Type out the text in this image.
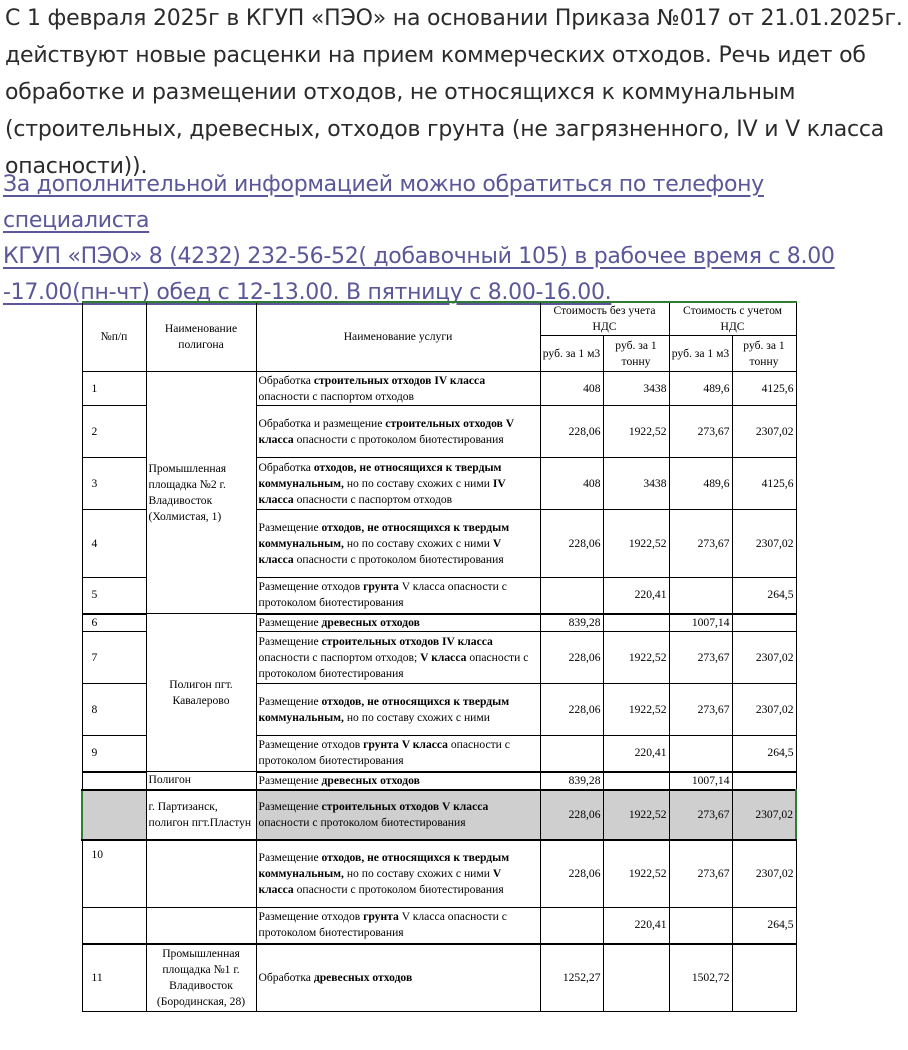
С 1 февраля 2025г в КГУП «ПЭО» на основании Приказа №017 от 21.01.2025г.
действуют новые расценки на прием коммерческих отходов. Речь идет об
обработке и размещении отходов, не относящихся к коммунальным
(строительных, древесных, отходов грунта (не загрязненного, IV и V класса
опасности)).

За дополнительной информацией можно обратиться по телефону специалиста
КГУП «ПЭО» 8 (4232) 232-56-52( добавочный 105) в рабочее время с 8.00
-17.00(пн-чт) обед с 12-13.00. В пятницу с 8.00-16.00.

№п/п	Наименование полигона	Наименование услуги	Стоимость без учета НДС		Стоимость с учетом НДС	
			руб. за 1 м3	руб. за 1 тонну	руб. за 1 м3	руб. за 1 тонну
1	Промышленная площадка №2 г. Владивосток (Холмистая, 1)	Обработка строительных отходов IV класса опасности с паспортом отходов	408	3438	489,6	4125,6
2		Обработка и размещение строительных отходов V класса опасности с протоколом биотестирования	228,06	1922,52	273,67	2307,02
3		Обработка отходов, не относящихся к твердым коммунальным, но по составу схожих с ними IV класса опасности с паспортом отходов	408	3438	489,6	4125,6
4		Размещение отходов, не относящихся к твердым коммунальным, но по составу схожих с ними V класса опасности с протоколом биотестирования	228,06	1922,52	273,67	2307,02
5		Размещение отходов грунта V класса опасности с протоколом биотестирования		220,41		264,5
6	Полигон пгт. Кавалерово	Размещение древесных отходов	839,28		1007,14	
7		Размещение строительных отходов IV класса опасности с паспортом отходов; V класса опасности с протоколом биотестирования	228,06	1922,52	273,67	2307,02
8		Размещение отходов, не относящихся к твердым коммунальным, но по составу схожих с ними	228,06	1922,52	273,67	2307,02
9		Размещение отходов грунта V класса опасности с протоколом биотестирования		220,41		264,5
	Полигон	Размещение древесных отходов	839,28		1007,14	
	г. Партизанск, полигон пгт.Пластун	Размещение строительных отходов V класса опасности с протоколом биотестирования	228,06	1922,52	273,67	2307,02
10		Размещение отходов, не относящихся к твердым коммунальным, но по составу схожих с ними V класса опасности с протоколом биотестирования	228,06	1922,52	273,67	2307,02
		Размещение отходов грунта V класса опасности с протоколом биотестирования		220,41		264,5
11	Промышленная площадка №1 г. Владивосток (Бородинская, 28)	Обработка древесных отходов	1252,27		1502,72	
